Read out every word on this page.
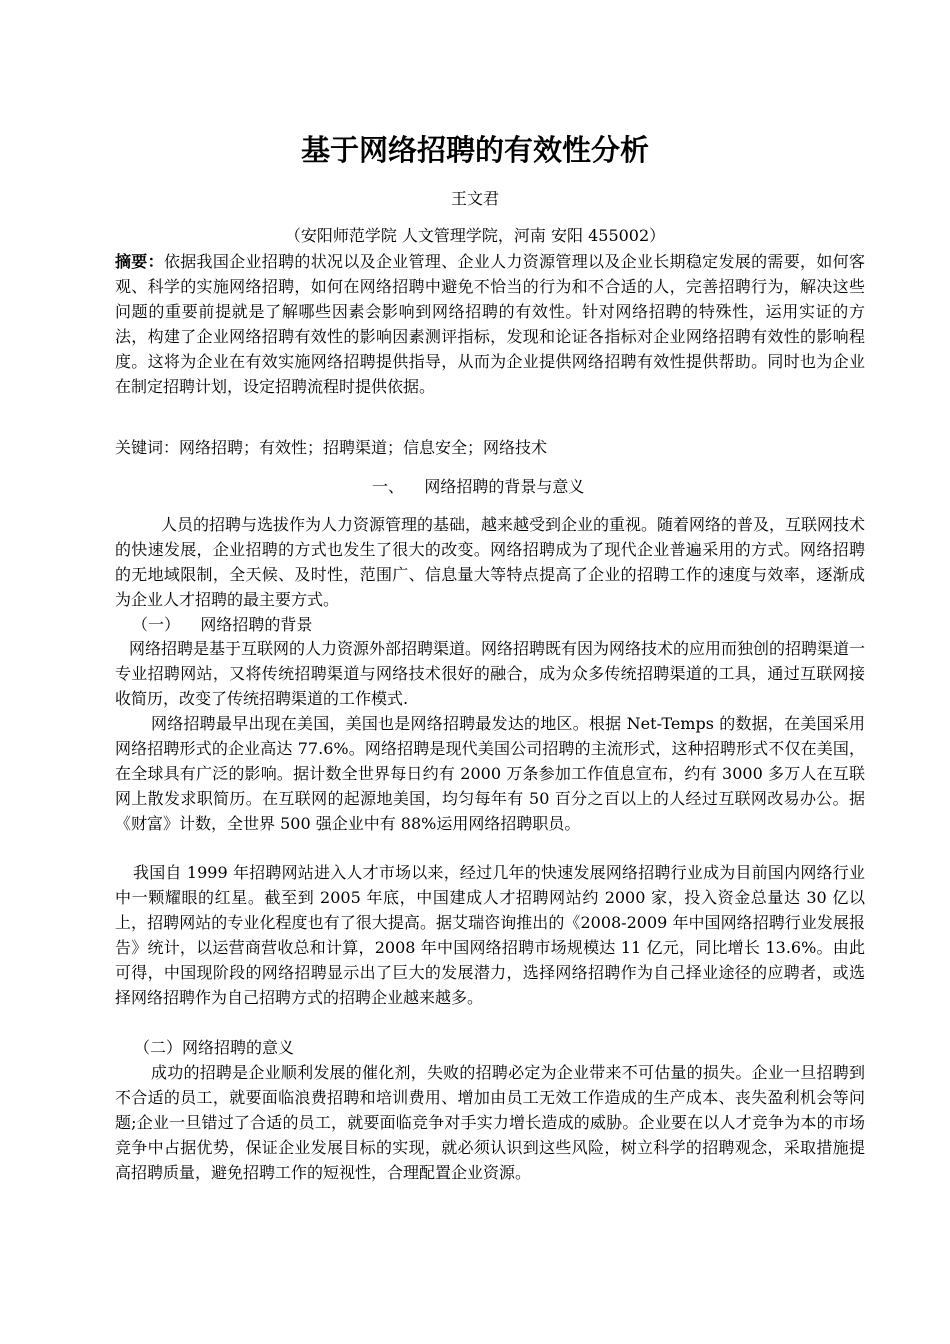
基于网络招聘的有效性分析
王文君
（安阳师范学院 人文管理学院，河南 安阳 455002）
摘要：依据我国企业招聘的状况以及企业管理、企业人力资源管理以及企业长期稳定发展的需要，如何客观、科学的实施网络招聘，如何在网络招聘中避免不恰当的行为和不合适的人，完善招聘行为，解决这些问题的重要前提就是了解哪些因素会影响到网络招聘的有效性。针对网络招聘的特殊性，运用实证的方法，构建了企业网络招聘有效性的影响因素测评指标，发现和论证各指标对企业网络招聘有效性的影响程度。这将为企业在有效实施网络招聘提供指导，从而为企业提供网络招聘有效性提供帮助。同时也为企业在制定招聘计划，设定招聘流程时提供依据。
关键词：网络招聘；有效性；招聘渠道；信息安全；网络技术
一、    网络招聘的背景与意义
人员的招聘与选拔作为人力资源管理的基础，越来越受到企业的重视。随着网络的普及，互联网技术的快速发展，企业招聘的方式也发生了很大的改变。网络招聘成为了现代企业普遍采用的方式。网络招聘的无地域限制，全天候、及时性，范围广、信息量大等特点提高了企业的招聘工作的速度与效率，逐渐成为企业人才招聘的最主要方式。
（一）    网络招聘的背景
网络招聘是基于互联网的人力资源外部招聘渠道。网络招聘既有因为网络技术的应用而独创的招聘渠道一专业招聘网站，又将传统招聘渠道与网络技术很好的融合，成为众多传统招聘渠道的工具，通过互联网接收简历，改变了传统招聘渠道的工作模式.
网络招聘最早出现在美国，美国也是网络招聘最发达的地区。根据 Net-Temps 的数据，在美国采用网络招聘形式的企业高达 77.6%。网络招聘是现代美国公司招聘的主流形式，这种招聘形式不仅在美国，在全球具有广泛的影响。据计数全世界每日约有 2000 万条参加工作值息宣布，约有 3000 多万人在互联网上散发求职简历。在互联网的起源地美国，均匀每年有 50 百分之百以上的人经过互联网改易办公。据《财富》计数，全世界 500 强企业中有 88%运用网络招聘职员。
我国自 1999 年招聘网站进入人才市场以来，经过几年的快速发展网络招聘行业成为目前国内网络行业中一颗耀眼的红星。截至到 2005 年底，中国建成人才招聘网站约 2000 家，投入资金总量达 30 亿以上，招聘网站的专业化程度也有了很大提高。据艾瑞咨询推出的《2008-2009 年中国网络招聘行业发展报告》统计，以运营商营收总和计算，2008 年中国网络招聘市场规模达 11 亿元，同比增长 13.6%。由此可得，中国现阶段的网络招聘显示出了巨大的发展潜力，选择网络招聘作为自己择业途径的应聘者，或选择网络招聘作为自己招聘方式的招聘企业越来越多。
（二）网络招聘的意义
成功的招聘是企业顺利发展的催化剂，失败的招聘必定为企业带来不可估量的损失。企业一旦招聘到不合适的员工，就要面临浪费招聘和培训费用、增加由员工无效工作造成的生产成本、丧失盈利机会等问题;企业一旦错过了合适的员工，就要面临竞争对手实力增长造成的威胁。企业要在以人才竞争为本的市场竞争中占据优势，保证企业发展目标的实现，就必须认识到这些风险，树立科学的招聘观念，采取措施提高招聘质量，避免招聘工作的短视性，合理配置企业资源。
